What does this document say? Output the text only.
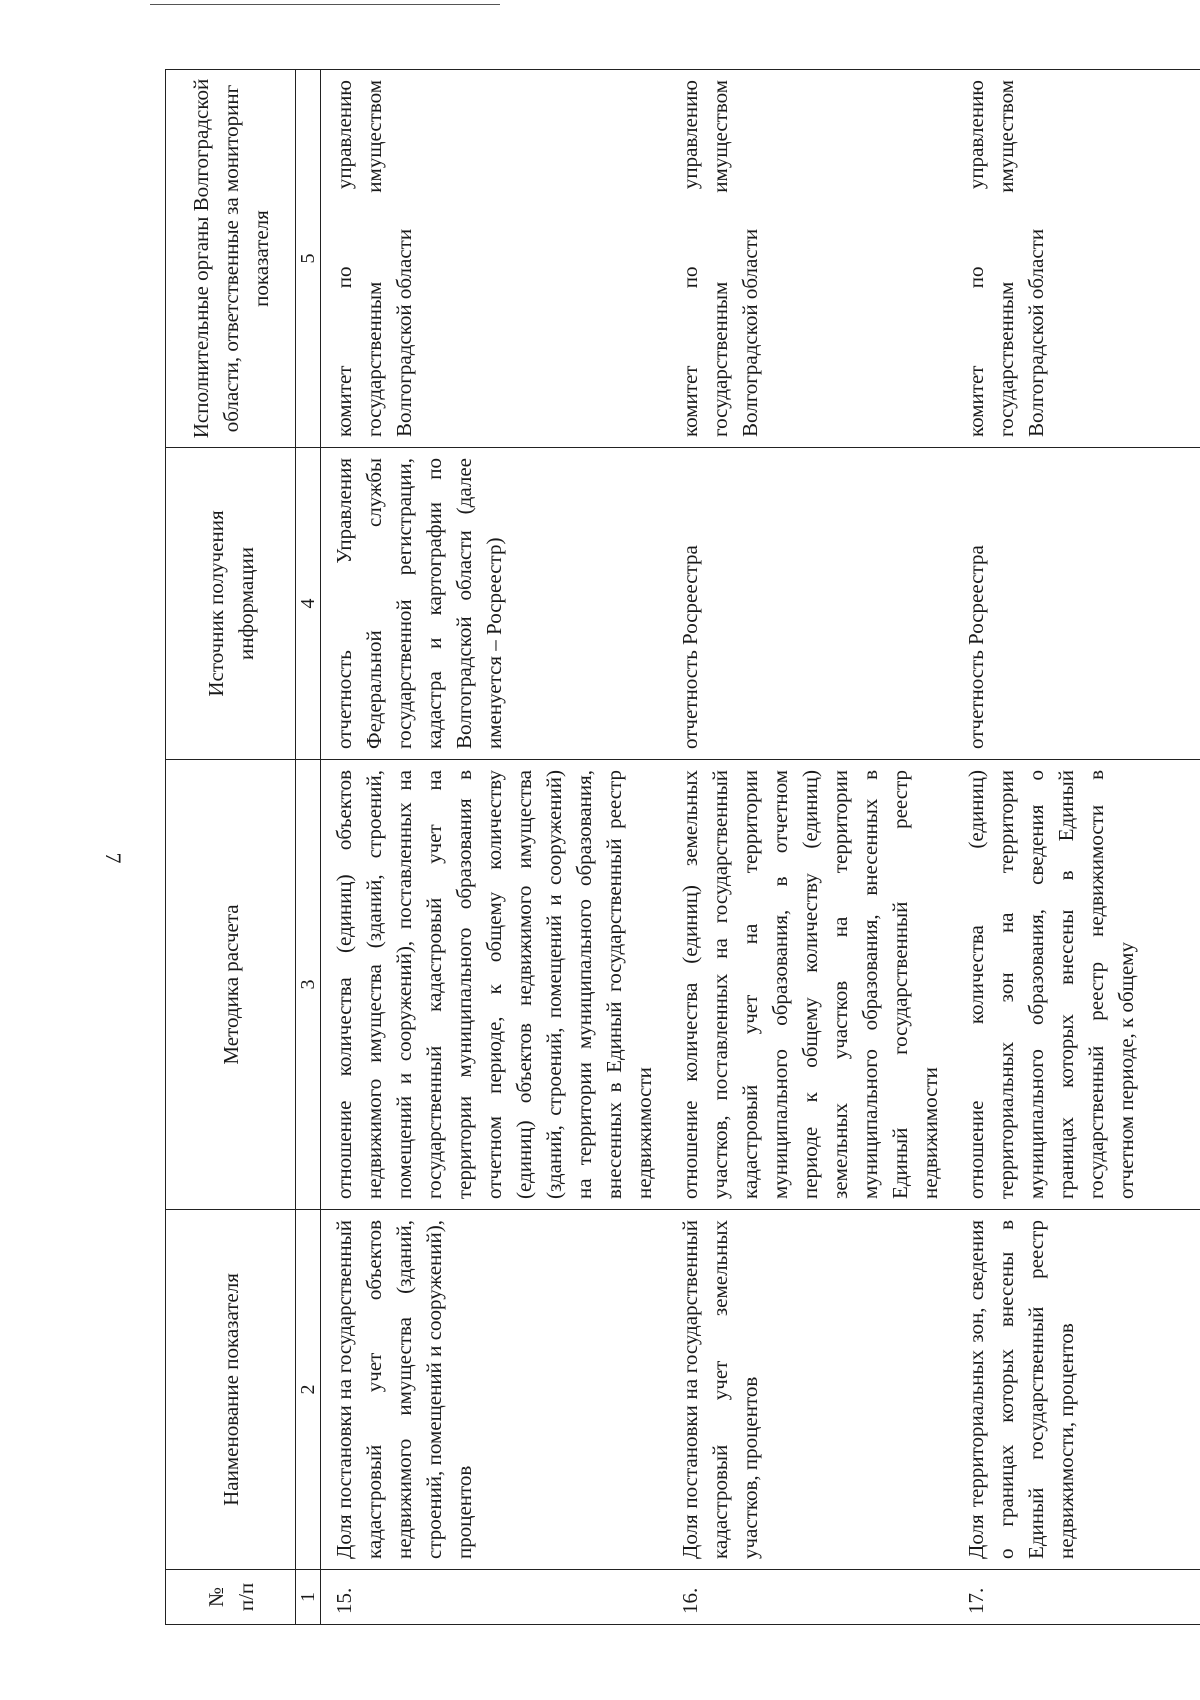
7
№ п/п	Наименование показателя	Методика расчета	Источник получения информации	Исполнительные органы Волгоградской области, ответственные за мониторинг показателя
1	2	3	4	5
15.	Доля постановки на государственный кадастровый учет объектов недвижимого имущества (зданий, строений, помещений и сооружений), процентов	отношение количества (единиц) объектов недвижимого имущества (зданий, строений, помещений и сооружений), поставленных на государственный кадастровый учет на территории муниципального образования в отчетном периоде, к общему количеству (единиц) объектов недвижимого имущества (зданий, строений, помещений и сооружений) на территории муниципального образования, внесенных в Единый государственный реестр недвижимости	отчетность Управления Федеральной службы государственной регистрации, кадастра и картографии по Волгоградской области (далее именуется – Росреестр)	комитет по управлению государственным имуществом Волгоградской области
16.	Доля постановки на государственный кадастровый учет земельных участков, процентов	отношение количества (единиц) земельных участков, поставленных на государственный кадастровый учет на территории муниципального образования, в отчетном периоде к общему количеству (единиц) земельных участков на территории муниципального образования, внесенных в Единый государственный реестр недвижимости	отчетность Росреестра	комитет по управлению государственным имуществом Волгоградской области
17.	Доля территориальных зон, сведения о границах которых внесены в Единый государственный реестр недвижимости, процентов	отношение количества (единиц) территориальных зон на территории муниципального образования, сведения о границах которых внесены в Единый государственный реестр недвижимости в отчетном периоде, к общему	отчетность Росреестра	комитет по управлению государственным имуществом Волгоградской области
